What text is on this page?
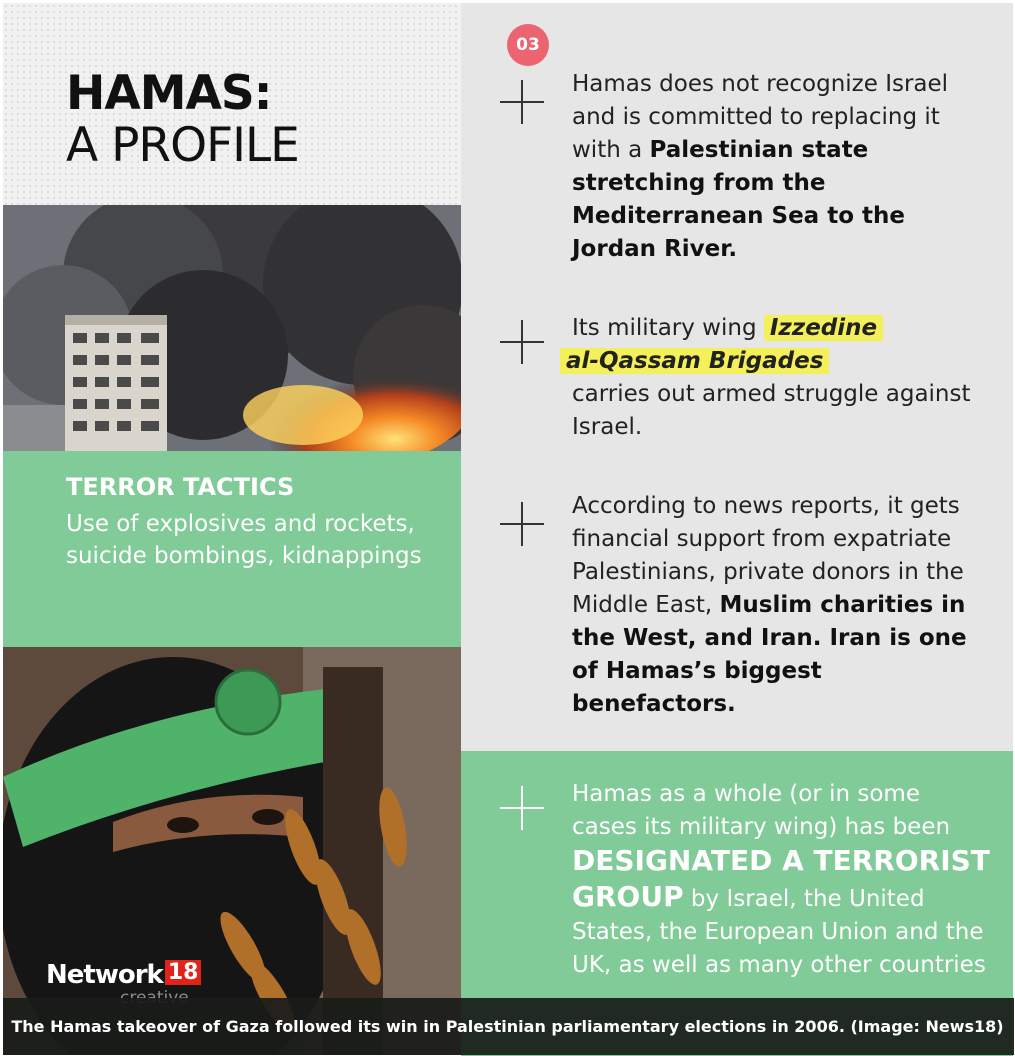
HAMAS:
A PROFILE
TERROR TACTICS
Use of explosives and rockets, suicide bombings, kidnappings
03
Hamas does not recognize Israel and is committed to replacing it with a Palestinian state stretching from the Mediterranean Sea to the Jordan River.
Its military wing Izzedine
al-Qassam Brigades
carries out armed struggle against Israel.
According to news reports, it gets financial support from expatriate Palestinians, private donors in the Middle East, Muslim charities in the West, and Iran. Iran is one of Hamas’s biggest benefactors.
Hamas as a whole (or in some cases its military wing) has been DESIGNATED A TERRORIST GROUP by Israel, the United States, the European Union and the UK, as well as many other countries
Network 18
The Hamas takeover of Gaza followed its win in Palestinian parliamentary elections in 2006. (Image: News18)
